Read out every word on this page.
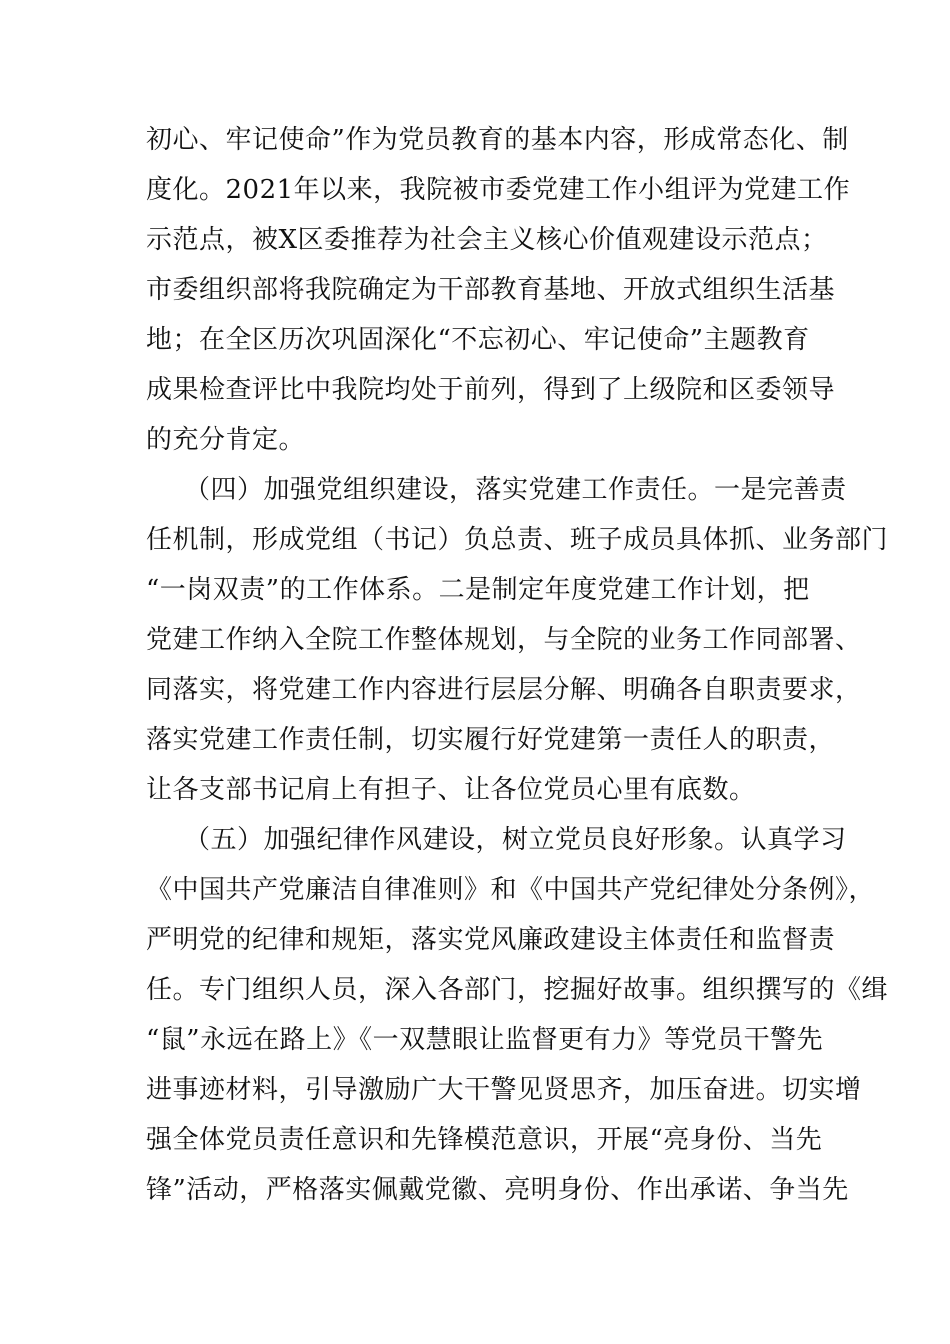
初心、牢记使命”作为党员教育的基本内容，形成常态化、制
度化。2021年以来，我院被市委党建工作小组评为党建工作
示范点，被X区委推荐为社会主义核心价值观建设示范点；
市委组织部将我院确定为干部教育基地、开放式组织生活基
地；在全区历次巩固深化“不忘初心、牢记使命”主题教育
成果检查评比中我院均处于前列，得到了上级院和区委领导
的充分肯定。
（四）加强党组织建设，落实党建工作责任。一是完善责
任机制，形成党组（书记）负总责、班子成员具体抓、业务部门
“一岗双责”的工作体系。二是制定年度党建工作计划，把
党建工作纳入全院工作整体规划，与全院的业务工作同部署、
同落实，将党建工作内容进行层层分解、明确各自职责要求，
落实党建工作责任制，切实履行好党建第一责任人的职责，
让各支部书记肩上有担子、让各位党员心里有底数。
（五）加强纪律作风建设，树立党员良好形象。认真学习
《中国共产党廉洁自律准则》和《中国共产党纪律处分条例》，
严明党的纪律和规矩，落实党风廉政建设主体责任和监督责
任。专门组织人员，深入各部门，挖掘好故事。组织撰写的《缉
“鼠”永远在路上》《一双慧眼让监督更有力》等党员干警先
进事迹材料，引导激励广大干警见贤思齐，加压奋进。切实增
强全体党员责任意识和先锋模范意识，开展“亮身份、当先
锋”活动，严格落实佩戴党徽、亮明身份、作出承诺、争当先
